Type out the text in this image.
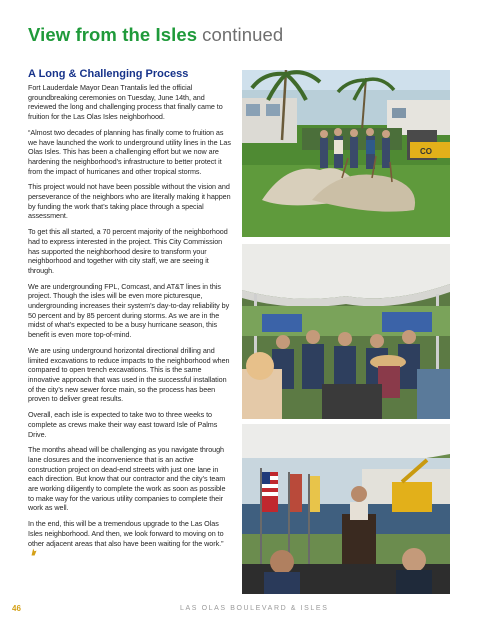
View from the Isles continued
A Long & Challenging Process

Fort Lauderdale Mayor Dean Trantalis led the official groundbreaking ceremonies on Tuesday, June 14th, and reviewed the long and challenging process that finally came to fruition for the Las Olas Isles neighborhood.

“Almost two decades of planning has finally come to fruition as we have launched the work to underground utility lines in the Las Olas Isles. This has been a challenging effort but we now are hardening the neighborhood’s infrastructure to better protect it from the impact of hurricanes and other tropical storms.

This project would not have been possible without the vision and perseverance of the neighbors who are literally making it happen by funding the work that’s taking place through a special assessment.

To get this all started, a 70 percent majority of the neighborhood had to express interested in the project. This City Commission has supported the neighborhood desire to transform your neighborhood and together with city staff, we are seeing it through.

We are undergrounding FPL, Comcast, and AT&T lines in this project. Though the isles will be even more picturesque, undergrounding increases their system’s day-to-day reliability by 50 percent and by 85 percent during storms. As we are in the midst of what’s expected to be a busy hurricane season, this benefit is even more top-of-mind.

We are using underground horizontal directional drilling and limited excavations to reduce impacts to the neighborhood when compared to open trench excavations. This is the same innovative approach that was used in the successful installation of the city’s new sewer force main, so the process has been proven to deliver great results.

Overall, each isle is expected to take two to three weeks to complete as crews make their way east toward Isle of Palms Drive.

The months ahead will be challenging as you navigate through lane closures and the inconvenience that is an active construction project on dead-end streets with just one lane in each direction. But know that our contractor and the city’s team are working diligently to complete the work as soon as possible to make way for the various utility companies to complete their work as well.

In the end, this will be a tremendous upgrade to the Las Olas Isles neighborhood. And then, we look forward to moving on to other adjacent areas that also have been waiting for the work.”

CO
46	LAS OLAS BOULEVARD & ISLES
